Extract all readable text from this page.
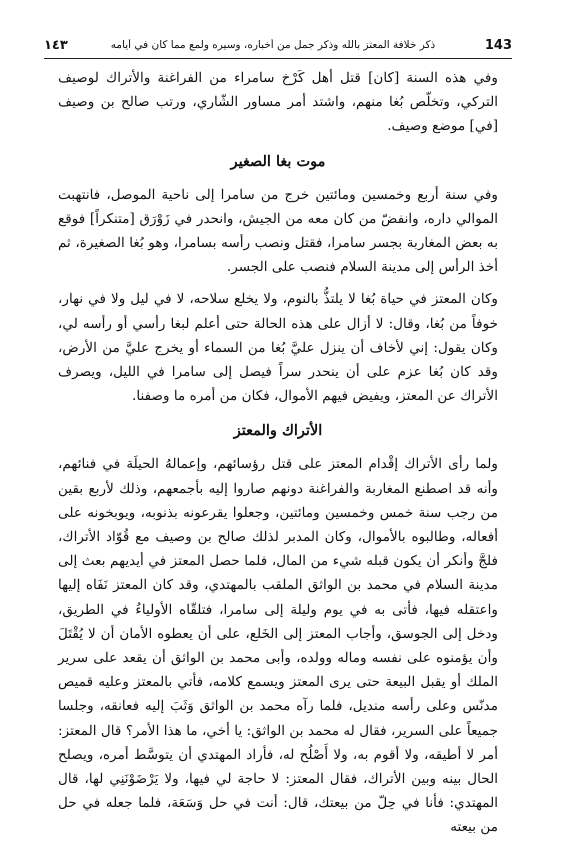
143
ذكر خلافة المعتز بالله وذكر جمل من أخباره، وسيره ولمع مما كان في أيامه
١٤٣

وفي هذه السنة [كان] قتل أهل كَرْخ سامراء من الفراغنة والأتراك لوصيف التركي، وتخلّص بُغا منهم، واشتد أمر مساور الشّاري، ورتب صالح بن وصيف [في] موضع وصيف.

موت بغا الصغير

وفي سنة أربع وخمسين ومائتين خرج من سامرا إلى ناحية الموصل، فانتهبت الموالي داره، وانفضّ من كان معه من الجيش، وانحدر في زَوْرَق [متنكراً] فوقع به بعض المغاربة بجسر سامرا، فقتل ونصب رأسه بسامرا، وهو بُغا الصغيرة، ثم أخذ الرأس إلى مدينة السلام فنصب على الجسر.

وكان المعتز في حياة بُغا لا يلتذُّ بالنوم، ولا يخلع سلاحه، لا في ليل ولا في نهار، خوفاً من بُغا، وقال: لا أزال على هذه الحالة حتى أعلم لبغا رأسي أو رأسه لي، وكان يقول: إني لأخاف أن ينزل عليَّ بُغا من السماء أو يخرج عليَّ من الأرض، وقد كان بُغا عزم على أن ينحدر سراً فيصل إلى سامرا في الليل، ويصرف الأتراك عن المعتز، ويفيض فيهم الأموال، فكان من أمره ما وصفنا.

الأتراك والمعتز

ولما رأى الأتراك إقْدام المعتز على قتل رؤسائهم، وإعمالهُ الحيلَة في فنائهم، وأنه قد اصطنع المغاربة والفراغنة دونهم صاروا إليه بأجمعهم، وذلك لأربع بقين من رجب سنة خمس وخمسين ومائتين، وجعلوا يقرعونه بذنوبه، ويوبخونه على أفعاله، وطالبوه بالأموال، وكان المدبر لذلك صالح بن وصيف مع قُوّاد الأتراك، فلجَّ وأنكر أن يكون قبله شيء من المال، فلما حصل المعتز في أيديهم بعث إلى مدينة السلام في محمد بن الواثق الملقب بالمهتدي، وقد كان المعتز نَفَاه إليها واعتقله فيها، فأتى به في يوم وليلة إلى سامرا، فتلقّاه الأولياءُ في الطريق، ودخل إلى الجوسق، وأجاب المعتز إلى الخَلع، على أن يعطوه الأمان أن لا يُقْتَلَ وأن يؤمنوه على نفسه وماله وولده، وأبى محمد بن الواثق أن يقعد على سرير الملك أو يقبل البيعة حتى يرى المعتز ويسمع كلامه، فأتي بالمعتز وعليه قميص مدنّس وعلى رأسه منديل، فلما رآه محمد بن الواثق وَثَبَ إليه فعانقه، وجلسا جميعاً على السرير، فقال له محمد بن الواثق: يا أخي، ما هذا الأمر؟ قال المعتز: أمر لا أطيقه، ولا أقوم به، ولا أَصْلُح له، فأراد المهتدي أن يتوسَّط أمره، ويصلح الحال بينه وبين الأتراك، فقال المعتز: لا حاجة لي فيها، ولا يَرْضَوْنَنِي لها، قال المهتدي: فأنا في حِلّ من بيعتك، قال: أنت في حل وَسَعَة، فلما جعله في حل من بيعته
